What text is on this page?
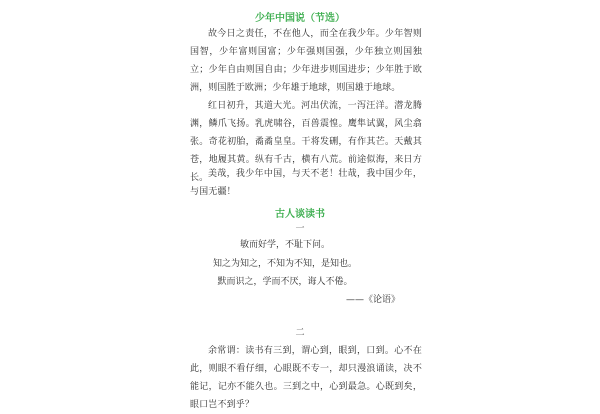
少年中国说（节选）

故今日之责任，不在他人，而全在我少年。少年智则国智，少年富则国富；少年强则国强，少年独立则国独立；少年自由则国自由；少年进步则国进步；少年胜于欧洲，则国胜于欧洲；少年雄于地球，则国雄于地球。

红日初升，其道大光。河出伏流，一泻汪洋。潜龙腾渊，鳞爪飞扬。乳虎啸谷，百兽震惶。鹰隼试翼，风尘翕张。奇花初胎，矞矞皇皇。干将发硎，有作其芒。天戴其苍，地履其黄。纵有千古，横有八荒。前途似海，来日方长。 美哉，我少年中国，与天不老！壮哉，我中国少年，与国无疆！

古人谈读书
一
敏而好学，不耻下问。
知之为知之，不知为不知，是知也。
默而识之，学而不厌，诲人不倦。
——《论语》
二

余常谓：读书有三到，谓心到，眼到，口到。心不在此，则眼不看仔细，心眼既不专一，却只漫浪诵读，决不能记，记亦不能久也。三到之中，心到最急。心既到矣，眼口岂不到乎？
